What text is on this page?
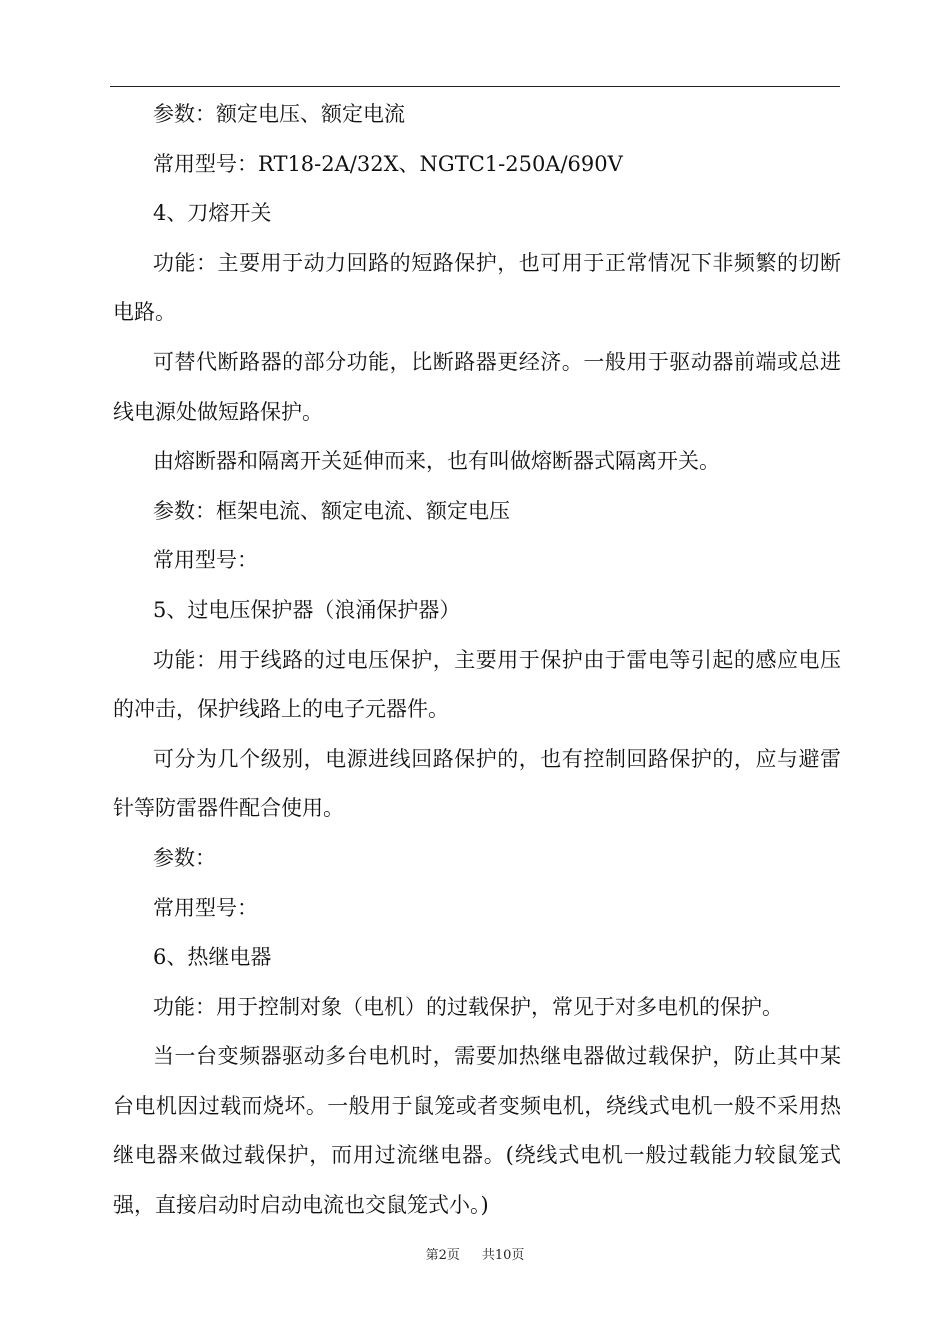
参数：额定电压、额定电流

常用型号：RT18-2A/32X、NGTC1-250A/690V

4、刀熔开关

功能：主要用于动力回路的短路保护，也可用于正常情况下非频繁的切断电路。

可替代断路器的部分功能，比断路器更经济。一般用于驱动器前端或总进线电源处做短路保护。

由熔断器和隔离开关延伸而来，也有叫做熔断器式隔离开关。

参数：框架电流、额定电流、额定电压

常用型号：

5、过电压保护器（浪涌保护器）

功能：用于线路的过电压保护，主要用于保护由于雷电等引起的感应电压的冲击，保护线路上的电子元器件。

可分为几个级别，电源进线回路保护的，也有控制回路保护的，应与避雷针等防雷器件配合使用。

参数：

常用型号：

6、热继电器

功能：用于控制对象（电机）的过载保护，常见于对多电机的保护。

当一台变频器驱动多台电机时，需要加热继电器做过载保护，防止其中某台电机因过载而烧坏。一般用于鼠笼或者变频电机，绕线式电机一般不采用热继电器来做过载保护，而用过流继电器。(绕线式电机一般过载能力较鼠笼式强，直接启动时启动电流也交鼠笼式小。)

第2页 共10页
